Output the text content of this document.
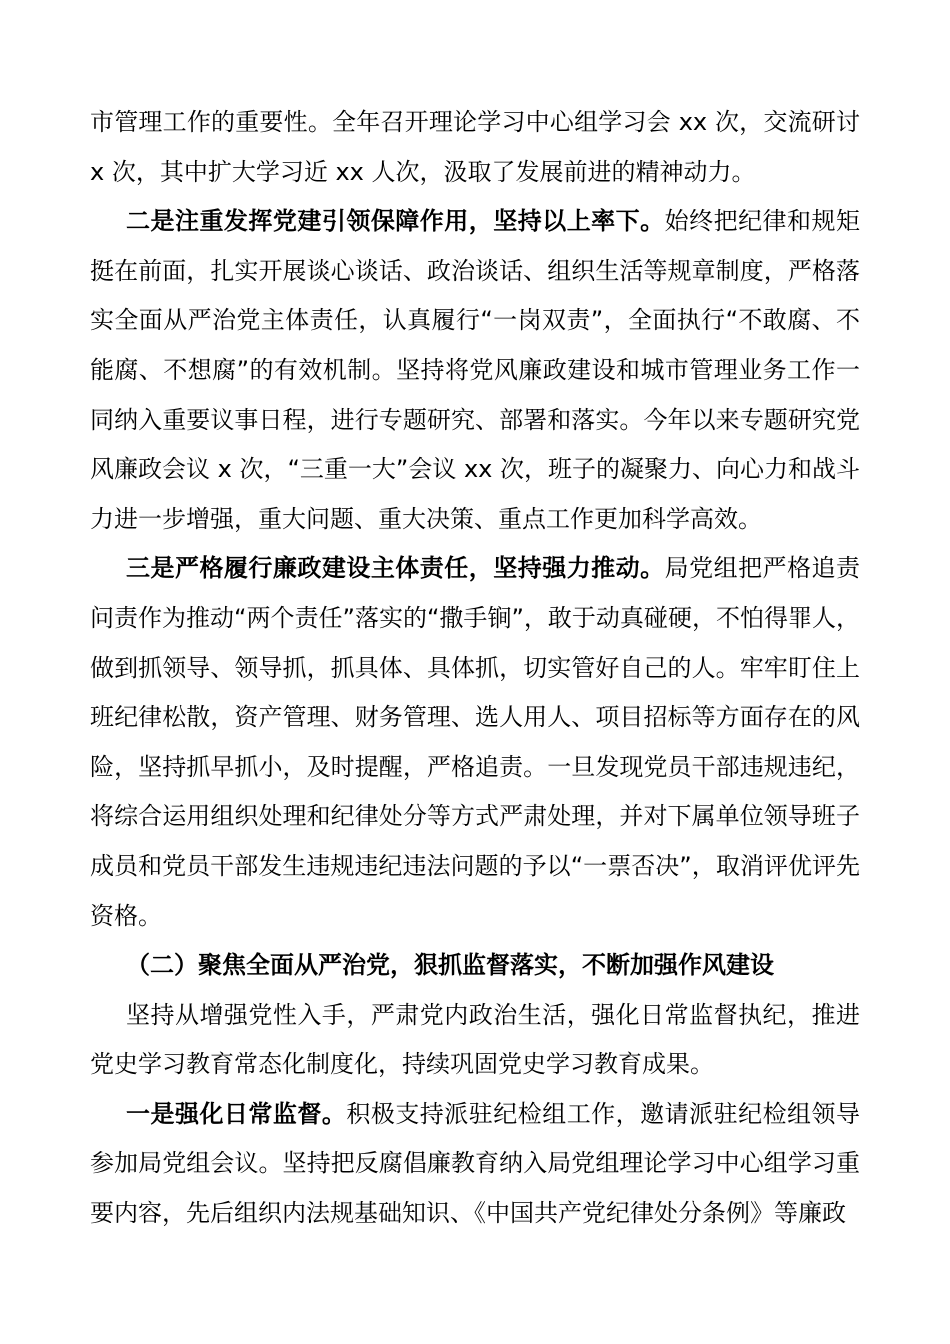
市管理工作的重要性。全年召开理论学习中心组学习会 xx 次，交流研讨 x 次，其中扩大学习近 xx 人次，汲取了发展前进的精神动力。

二是注重发挥党建引领保障作用，坚持以上率下。始终把纪律和规矩挺在前面，扎实开展谈心谈话、政治谈话、组织生活等规章制度，严格落实全面从严治党主体责任，认真履行“一岗双责”，全面执行“不敢腐、不能腐、不想腐”的有效机制。坚持将党风廉政建设和城市管理业务工作一同纳入重要议事日程，进行专题研究、部署和落实。今年以来专题研究党风廉政会议 x 次，“三重一大”会议 xx 次，班子的凝聚力、向心力和战斗力进一步增强，重大问题、重大决策、重点工作更加科学高效。

三是严格履行廉政建设主体责任，坚持强力推动。局党组把严格追责问责作为推动“两个责任”落实的“撒手锏”，敢于动真碰硬，不怕得罪人，做到抓领导、领导抓，抓具体、具体抓，切实管好自己的人。牢牢盯住上班纪律松散，资产管理、财务管理、选人用人、项目招标等方面存在的风险，坚持抓早抓小，及时提醒，严格追责。一旦发现党员干部违规违纪，将综合运用组织处理和纪律处分等方式严肃处理，并对下属单位领导班子成员和党员干部发生违规违纪违法问题的予以“一票否决”，取消评优评先资格。

（二）聚焦全面从严治党，狠抓监督落实，不断加强作风建设

坚持从增强党性入手，严肃党内政治生活，强化日常监督执纪，推进党史学习教育常态化制度化，持续巩固党史学习教育成果。

一是强化日常监督。积极支持派驻纪检组工作，邀请派驻纪检组领导参加局党组会议。坚持把反腐倡廉教育纳入局党组理论学习中心组学习重要内容，先后组织内法规基础知识、《中国共产党纪律处分条例》等廉政
